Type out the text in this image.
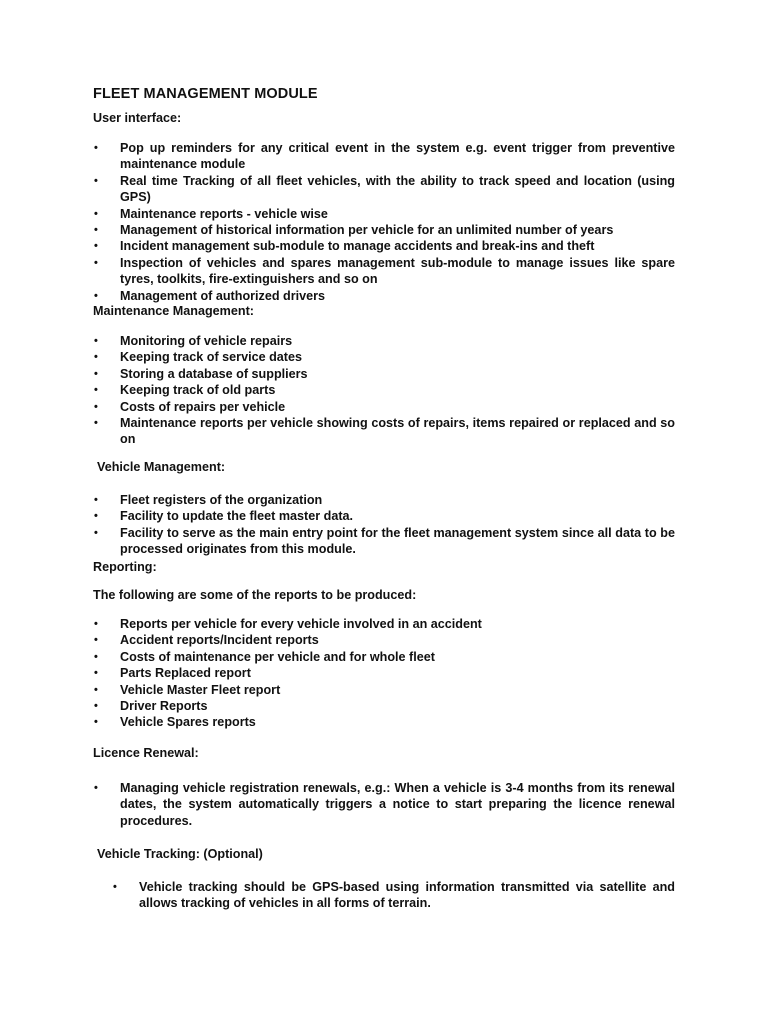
FLEET MANAGEMENT MODULE
User interface:
• Pop up reminders for any critical event in the system e.g. event trigger from preventive maintenance module
• Real time Tracking of all fleet vehicles, with the ability to track speed and location (using GPS)
• Maintenance reports - vehicle wise
• Management of historical information per vehicle for an unlimited number of years
• Incident management sub-module to manage accidents and break-ins and theft
• Inspection of vehicles and spares management sub-module to manage issues like spare tyres, toolkits, fire-extinguishers and so on
• Management of authorized drivers
Maintenance Management:
• Monitoring of vehicle repairs
• Keeping track of service dates
• Storing a database of suppliers
• Keeping track of old parts
• Costs of repairs per vehicle
• Maintenance reports per vehicle showing costs of repairs, items repaired or replaced and so on
Vehicle Management:
• Fleet registers of the organization
• Facility to update the fleet master data.
• Facility to serve as the main entry point for the fleet management system since all data to be processed originates from this module.
Reporting:
The following are some of the reports to be produced:
• Reports per vehicle for every vehicle involved in an accident
• Accident reports/Incident reports
• Costs of maintenance per vehicle and for whole fleet
• Parts Replaced report
• Vehicle Master Fleet report
• Driver Reports
• Vehicle Spares reports
Licence Renewal:
• Managing vehicle registration renewals, e.g.: When a vehicle is 3-4 months from its renewal dates, the system automatically triggers a notice to start preparing the licence renewal procedures.
Vehicle Tracking: (Optional)
• Vehicle tracking should be GPS-based using information transmitted via satellite and allows tracking of vehicles in all forms of terrain.
